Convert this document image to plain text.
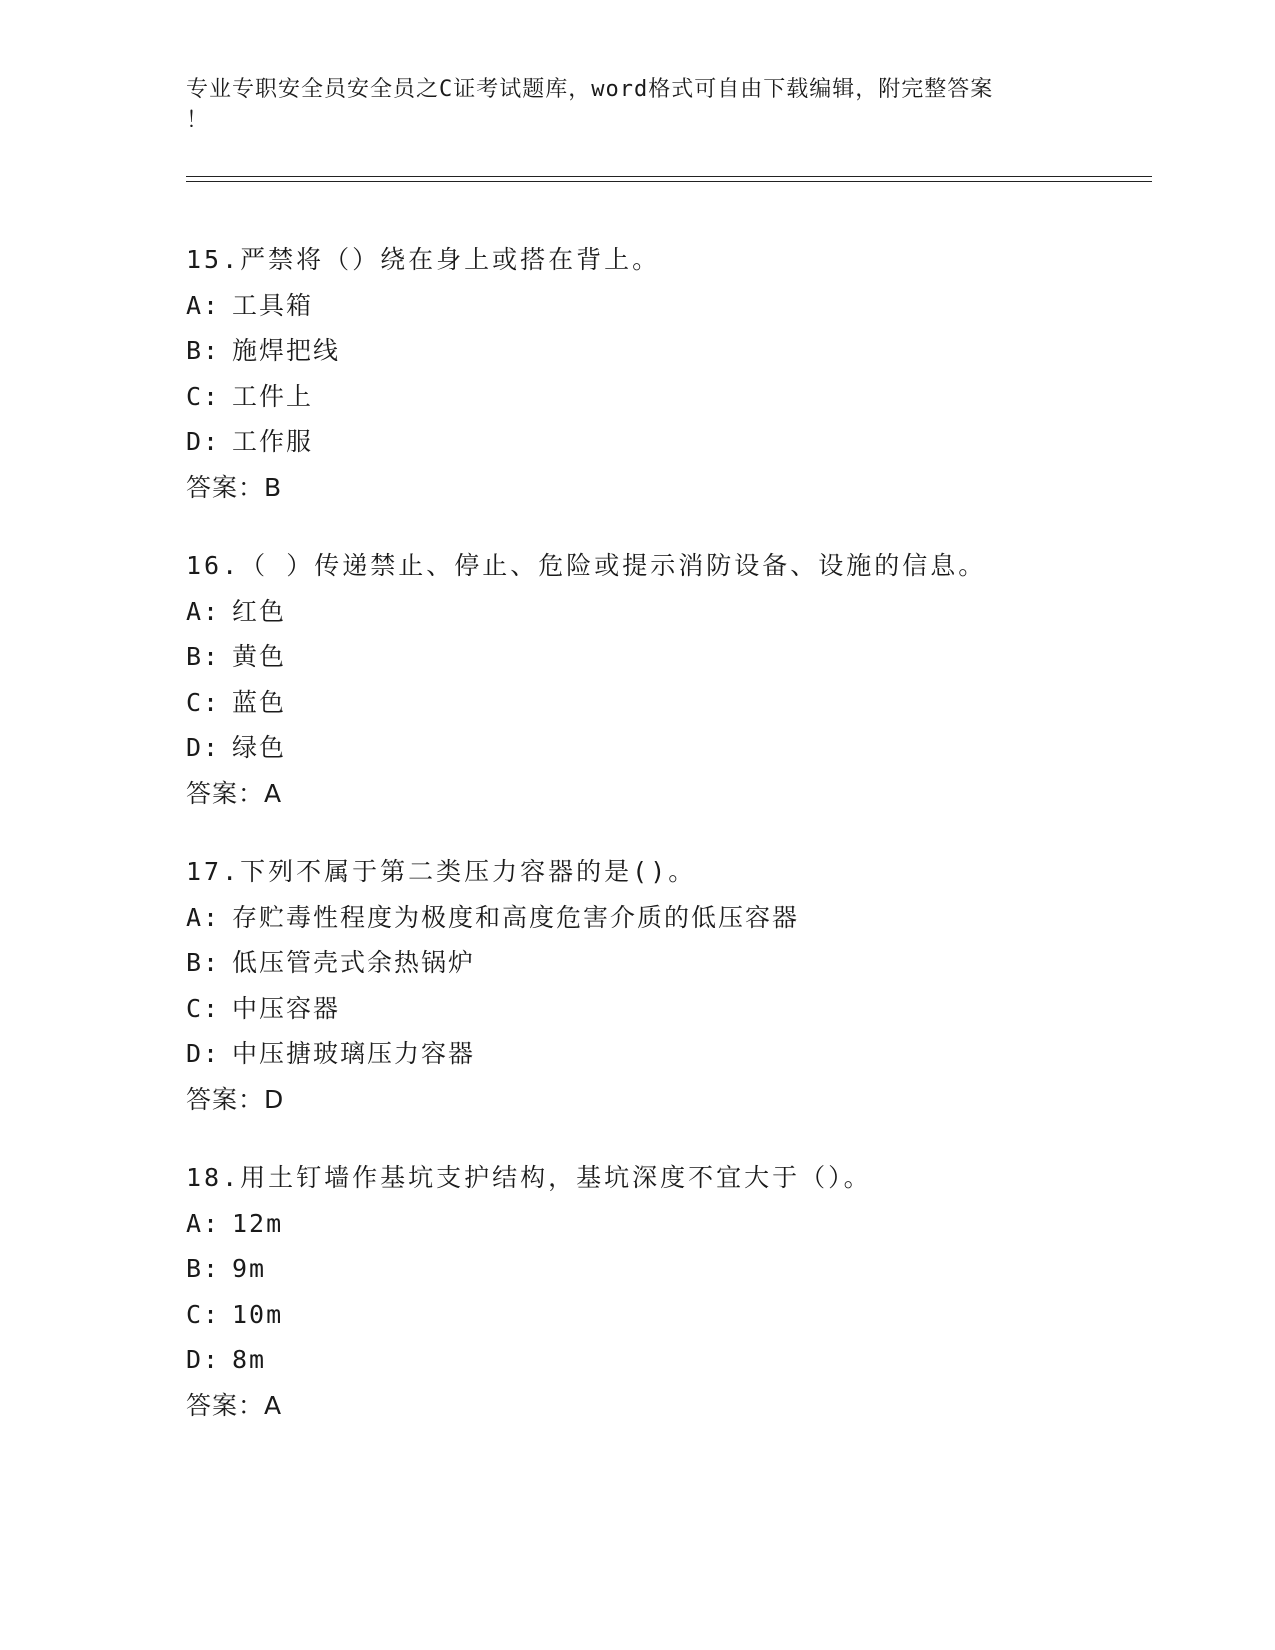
专业专职安全员安全员之C证考试题库，word格式可自由下载编辑，附完整答案
！
15.严禁将（）绕在身上或搭在背上。
A: 工具箱
B: 施焊把线
C: 工件上
D: 工作服
答案：B
16.（ ）传递禁止、停止、危险或提示消防设备、设施的信息。
A: 红色
B: 黄色
C: 蓝色
D: 绿色
答案：A
17.下列不属于第二类压力容器的是()。
A: 存贮毒性程度为极度和高度危害介质的低压容器
B: 低压管壳式余热锅炉
C: 中压容器
D: 中压搪玻璃压力容器
答案：D
18.用土钉墙作基坑支护结构，基坑深度不宜大于（）。
A: 12m
B: 9m
C: 10m
D: 8m
答案：A
